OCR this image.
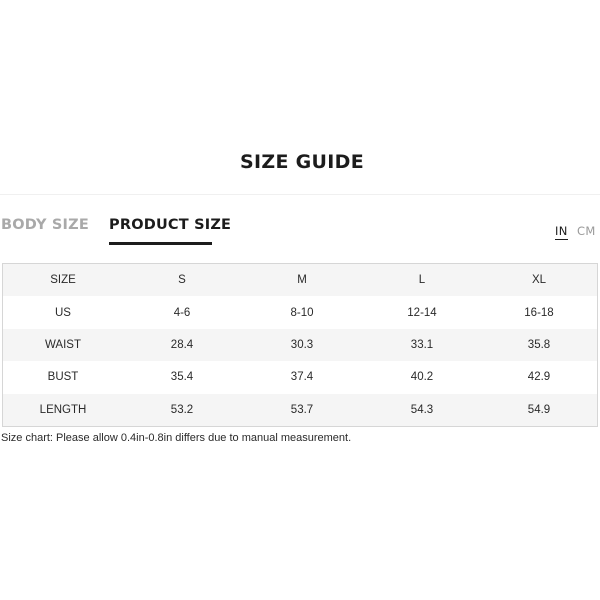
SIZE GUIDE
BODY SIZE PRODUCT SIZE	IN CM
SIZE	S	M	L	XL
US	4-6	8-10	12-14	16-18
WAIST	28.4	30.3	33.1	35.8
BUST	35.4	37.4	40.2	42.9
LENGTH	53.2	53.7	54.3	54.9
Size chart: Please allow 0.4in-0.8in differs due to manual measurement.
